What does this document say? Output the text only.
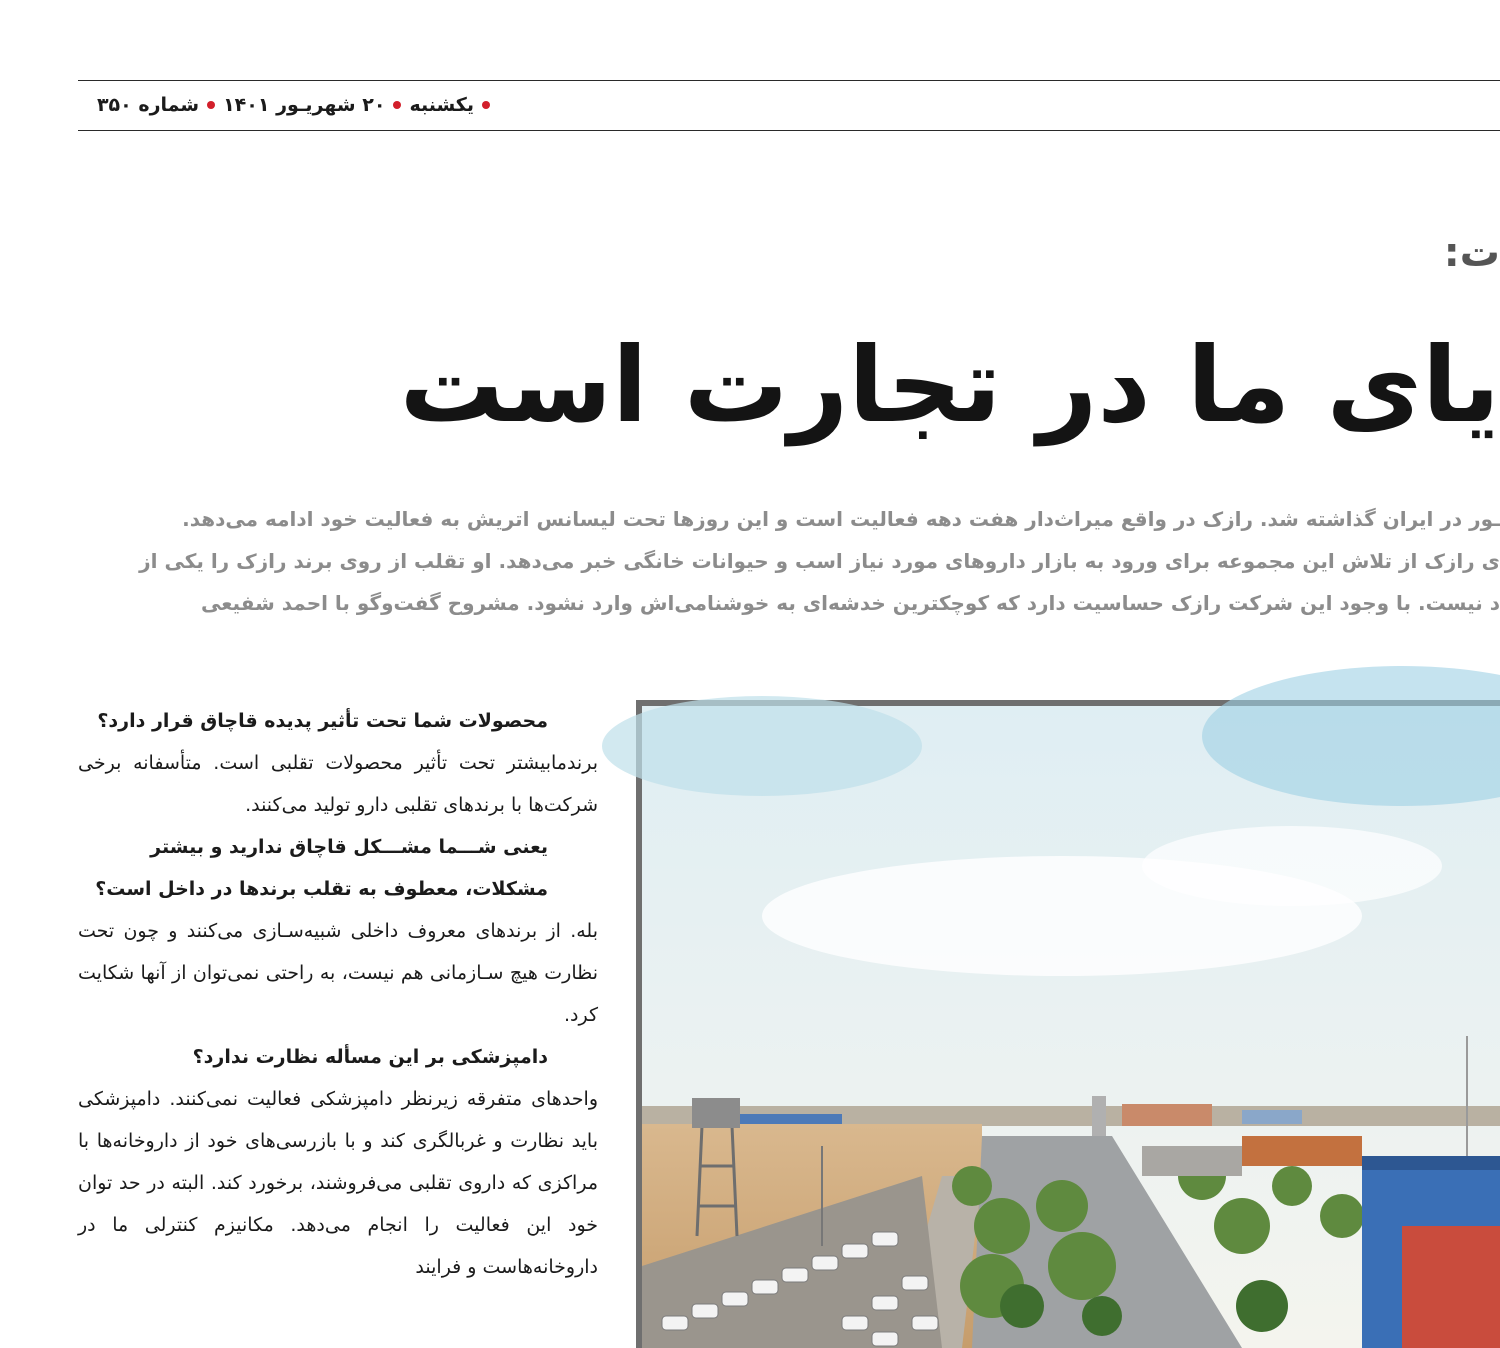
یکشنبه
۲۰ شهریـور ۱۴۰۱
شماره ۳۵۰
ت:
یای ما در تجارت است
ـور در ایران گذاشته شد. رازک در واقع میراث‌دار هفت دهه فعالیت است و این روزها تحت لیسانس اتریش به فعالیت خود ادامه می‌دهد.
ی رازک از تلاش این مجموعه برای ورود به بازار داروهای مورد نیاز اسب و حیوانات خانگی خبر می‌دهد. او تقلب از روی برند رازک را یکی از
د نیست. با وجود این شرکت رازک حساسیت دارد که کوچکترین خدشه‌ای به خوشنامی‌اش وارد نشود. مشروح گفت‌وگو با احمد شفیعی

محصولات شما تحت تأثیر پدیده قاچاق قرار دارد؟

برندمابیشتر تحت تأثیر محصولات تقلبی است. متأسفانه برخی شرکت‌ها با برندهای تقلبی دارو تولید می‌کنند.

یعنی شـــما مشـــکل قاچاق ندارید و بیشتر مشکلات، معطوف به تقلب برندها در داخل است؟

بله. از برندهای معروف داخلی شبیه‌سـازی می‌کنند و چون تحت نظارت هیچ سـازمانی هم نیست، به راحتی نمی‌توان از آنها شکایت کرد.

دامپزشکی بر این مسأله نظارت ندارد؟

واحدهای متفرقه زیرنظر دامپزشکی فعالیت نمی‌کنند. دامپزشکی باید نظارت و غربالگری کند و با بازرسی‌های خود از داروخانه‌ها با مراکزی که داروی تقلبی می‌فروشند، برخورد کند. البته در حد توان خود این فعالیت را انجام می‌دهد. مکانیزم کنترلی ما در داروخانه‌هاست و فرایند
